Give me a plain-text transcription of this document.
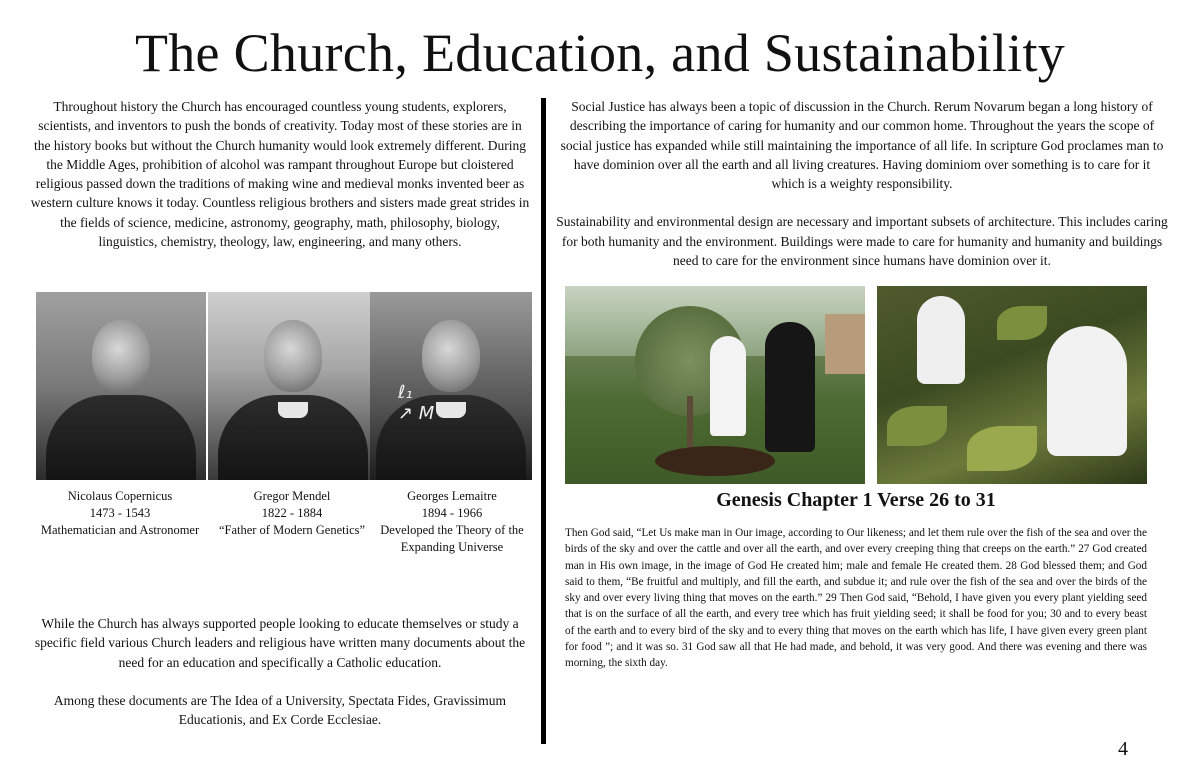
The Church, Education, and Sustainability
Throughout history the Church has encouraged countless young students, explorers, scientists, and inventors to push the bonds of creativity. Today most of these stories are in the history books but without the Church humanity would look extremely different. During the Middle Ages, prohibition of alcohol was rampant throughout Europe but cloistered religious passed down the traditions of making wine and medieval monks invented beer as western culture knows it today. Countless religious brothers and sisters made great strides in the fields of science, medicine, astronomy, geography, math, philosophy, biology, linguistics, chemistry, theology, law, engineering, and many others.
ℓ₁
↗ M
Nicolaus Copernicus
1473 - 1543
Mathematician and Astronomer
Gregor Mendel
1822 - 1884
“Father of Modern Genetics”
Georges Lemaitre
1894 - 1966
Developed the Theory of the Expanding Universe

While the Church has always supported people looking to educate themselves or study a specific field various Church leaders and religious have written many documents about the need for an education and specifically a Catholic education.

Among these documents are The Idea of a University, Spectata Fides, Gravissimum Educationis, and Ex Corde Ecclesiae.

Social Justice has always been a topic of discussion in the Church. Rerum Novarum began a long history of describing the importance of caring for humanity and our common home. Throughout the years the scope of social justice has expanded while still maintaining the importance of all life. In scripture God proclames man to have dominion over all the earth and all living creatures. Having dominiom over something is to care for it which is a weighty responsibility.

Sustainability and environmental design are necessary and important subsets of architecture. This includes caring for both humanity and the environment. Buildings were made to care for humanity and humanity and buildings need to care for the environment since humans have dominion over it.

Genesis Chapter 1 Verse 26 to 31
Then God said, “Let Us make man in Our image, according to Our likeness; and let them rule over the fish of the sea and over the birds of the sky and over the cattle and over all the earth, and over every creeping thing that creeps on the earth.” 27 God created man in His own image, in the image of God He created him; male and female He created them. 28 God blessed them; and God said to them, “Be fruitful and multiply, and fill the earth, and subdue it; and rule over the fish of the sea and over the birds of the sky and over every living thing that moves on the earth.” 29 Then God said, “Behold, I have given you every plant yielding seed that is on the surface of all the earth, and every tree which has fruit yielding seed; it shall be food for you; 30 and to every beast of the earth and to every bird of the sky and to every thing that moves on the earth which has life, I have given every green plant for food ”; and it was so. 31 God saw all that He had made, and behold, it was very good. And there was evening and there was morning, the sixth day.
4
